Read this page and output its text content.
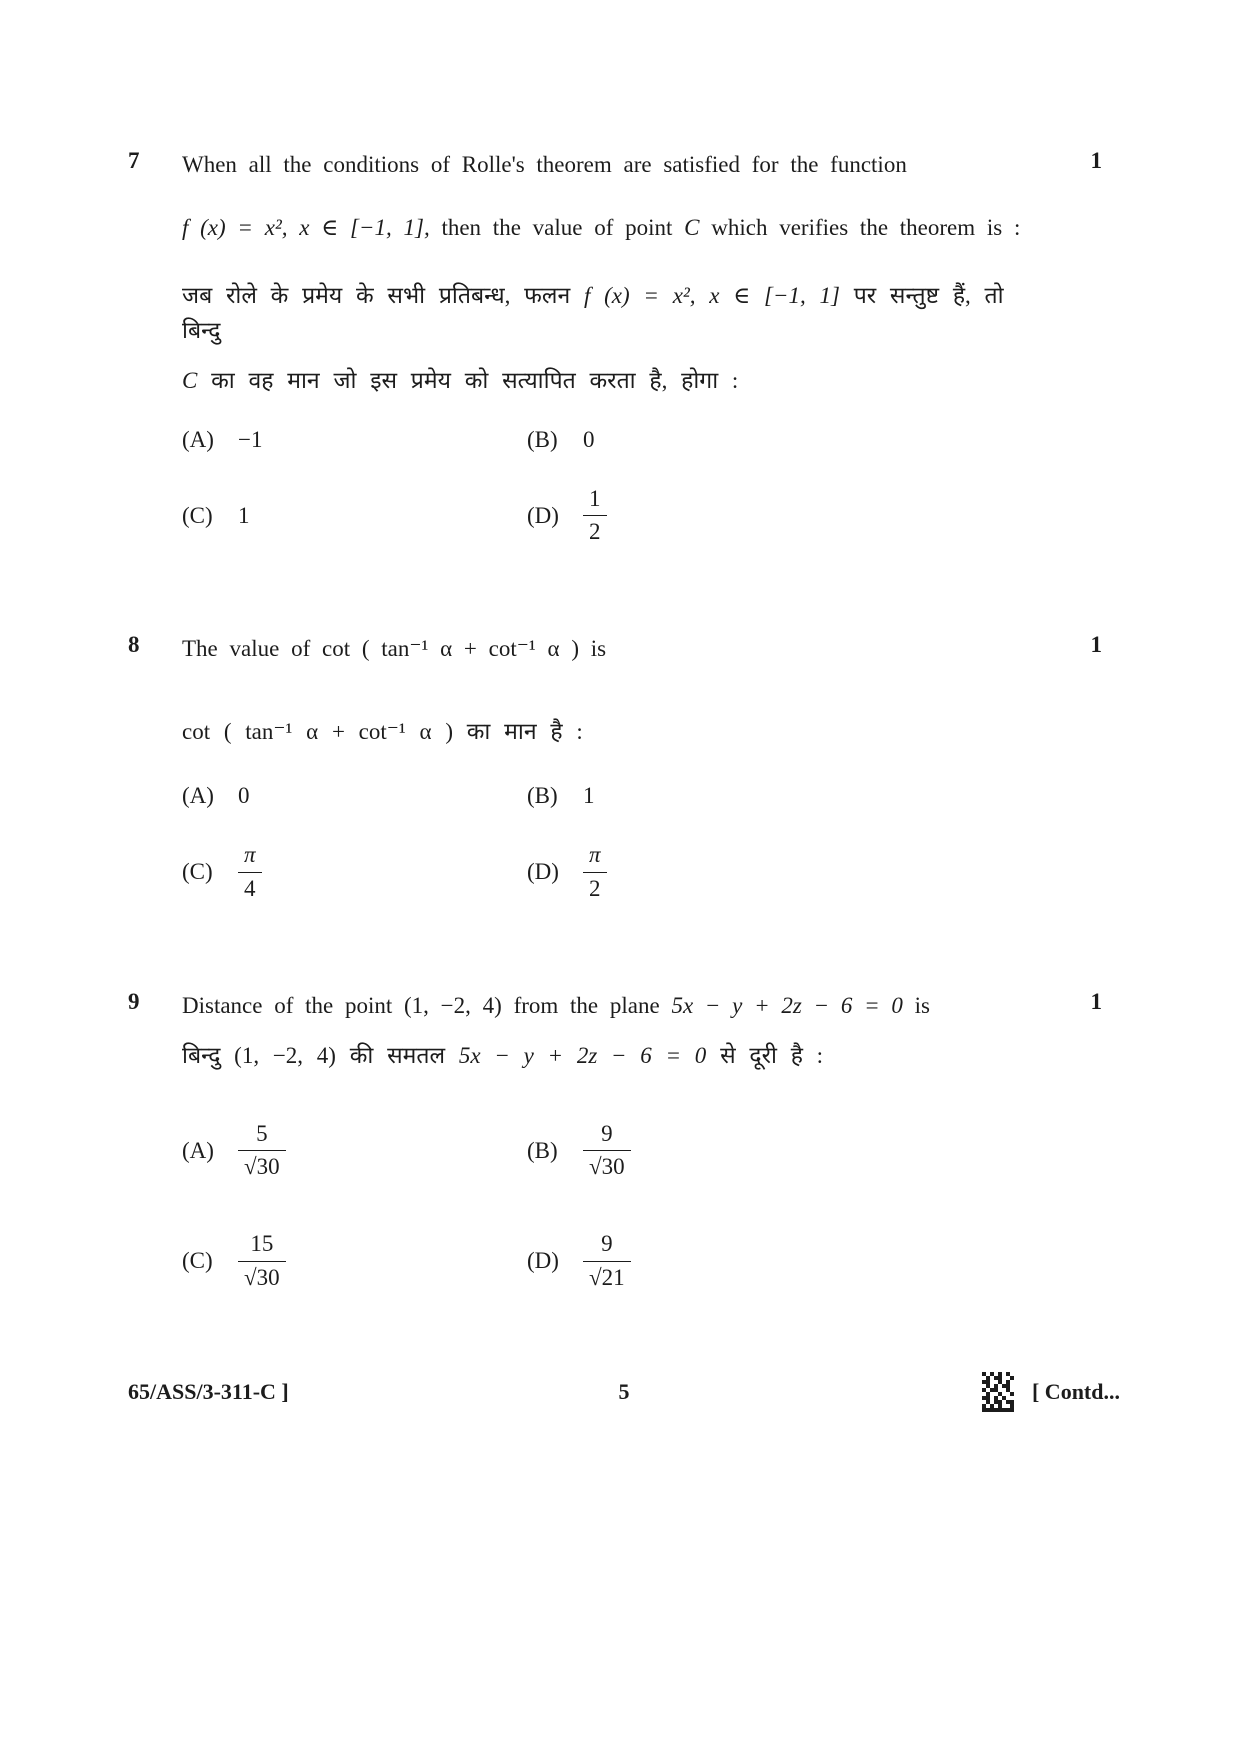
7	When all the conditions of Rolle's theorem are satisfied for the function	1

f (x) = x², x ∈ [−1, 1], then the value of point C which verifies the theorem is :

जब रोले के प्रमेय के सभी प्रतिबन्ध, फलन f (x) = x², x ∈ [−1, 1] पर सन्तुष्ट हैं, तो बिन्दु

C का वह मान जो इस प्रमेय को सत्यापित करता है, होगा :

(A)	−1	(B)	0
(C)	1	(D)	$\frac{1}{2}$
8	The value of cot ( tan⁻¹ α + cot⁻¹ α ) is	1

cot ( tan⁻¹ α + cot⁻¹ α ) का मान है :

(A)	0	(B)	1
(C)	$\frac{\pi}{4}$	(D)	$\frac{\pi}{2}$
9	Distance of the point (1, −2, 4) from the plane 5x − y + 2z − 6 = 0 is	1

बिन्दु (1, −2, 4) की समतल 5x − y + 2z − 6 = 0 से दूरी है :

(A)	$\frac{5}{√30}$	(B)	$\frac{9}{√30}$
(C)	$\frac{15}{√30}$	(D)	$\frac{9}{√21}$
65/ASS/3-311-C ]	5	[ Contd...
